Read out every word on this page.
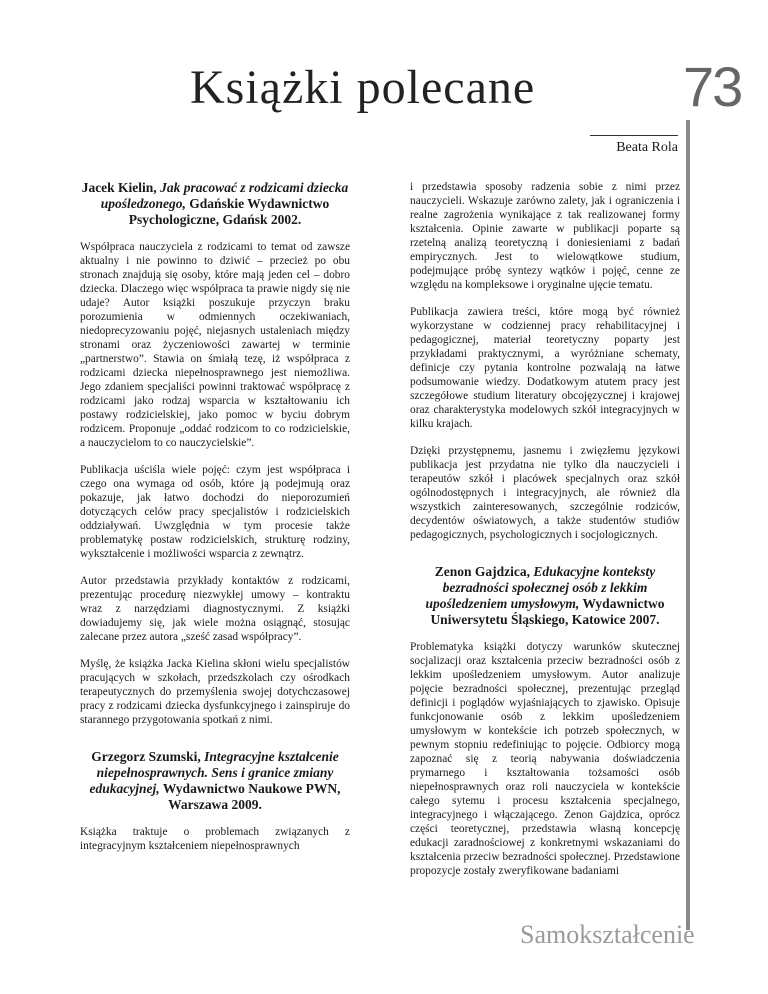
Książki polecane	73
Beata Rola

Jacek Kielin, Jak pracować z rodzicami dziecka upośledzonego, Gdańskie Wydawnictwo Psychologiczne, Gdańsk 2002.

Współpraca nauczyciela z rodzicami to temat od zawsze aktualny i nie powinno to dziwić – przecież po obu stronach znajdują się osoby, które mają jeden cel – dobro dziecka. Dlaczego więc współpraca ta prawie nigdy się nie udaje? Autor książki poszukuje przyczyn braku porozumienia w odmiennych oczekiwaniach, niedoprecyzowaniu pojęć, niejasnych ustaleniach między stronami oraz życzeniowości zawartej w terminie „partnerstwo”. Stawia on śmiałą tezę, iż współpraca z rodzicami dziecka niepełnosprawnego jest niemożliwa. Jego zdaniem specjaliści powinni traktować współpracę z rodzicami jako rodzaj wsparcia w kształtowaniu ich postawy rodzicielskiej, jako pomoc w byciu dobrym rodzicem. Proponuje „oddać rodzicom to co rodzicielskie, a nauczycielom to co nauczycielskie”.

Publikacja uściśla wiele pojęć: czym jest współpraca i czego ona wymaga od osób, które ją podejmują oraz pokazuje, jak łatwo dochodzi do nieporozumień dotyczących celów pracy specjalistów i rodzicielskich oddziaływań. Uwzględnia w tym procesie także problematykę postaw rodzicielskich, strukturę rodziny, wykształcenie i możliwości wsparcia z zewnątrz.

Autor przedstawia przykłady kontaktów z rodzicami, prezentując procedurę niezwykłej umowy – kontraktu wraz z narzędziami diagnostycznymi. Z książki dowiadujemy się, jak wiele można osiągnąć, stosując zalecane przez autora „sześć zasad współpracy”.

Myślę, że książka Jacka Kielina skłoni wielu specjalistów pracujących w szkołach, przedszkolach czy ośrodkach terapeutycznych do przemyślenia swojej dotychczasowej pracy z rodzicami dziecka dysfunkcyjnego i zainspiruje do starannego przygotowania spotkań z nimi.

Grzegorz Szumski, Integracyjne kształcenie niepełnosprawnych. Sens i granice zmiany edukacyjnej, Wydawnictwo Naukowe PWN, Warszawa 2009.

Książka traktuje o problemach związanych z integracyjnym kształceniem niepełnosprawnych

i przedstawia sposoby radzenia sobie z nimi przez nauczycieli. Wskazuje zarówno zalety, jak i ograniczenia i realne zagrożenia wynikające z tak realizowanej formy kształcenia. Opinie zawarte w publikacji poparte są rzetelną analizą teoretyczną i doniesieniami z badań empirycznych. Jest to wielowątkowe studium, podejmujące próbę syntezy wątków i pojęć, cenne ze względu na kompleksowe i oryginalne ujęcie tematu.

Publikacja zawiera treści, które mogą być również wykorzystane w codziennej pracy rehabilitacyjnej i pedagogicznej, materiał teoretyczny poparty jest przykładami praktycznymi, a wyróżniane schematy, definicje czy pytania kontrolne pozwalają na łatwe podsumowanie wiedzy. Dodatkowym atutem pracy jest szczegółowe studium literatury obcojęzycznej i krajowej oraz charakterystyka modelowych szkół integracyjnych w kilku krajach.

Dzięki przystępnemu, jasnemu i zwięzłemu językowi publikacja jest przydatna nie tylko dla nauczycieli i terapeutów szkół i placówek specjalnych oraz szkół ogólnodostępnych i integracyjnych, ale również dla wszystkich zainteresowanych, szczególnie rodziców, decydentów oświatowych, a także studentów studiów pedagogicznych, psychologicznych i socjologicznych.

Zenon Gajdzica, Edukacyjne konteksty bezradności społecznej osób z lekkim upośledzeniem umysłowym, Wydawnictwo Uniwersytetu Śląskiego, Katowice 2007.

Problematyka książki dotyczy warunków skutecznej socjalizacji oraz kształcenia przeciw bezradności osób z lekkim upośledzeniem umysłowym. Autor analizuje pojęcie bezradności społecznej, prezentując przegląd definicji i poglądów wyjaśniających to zjawisko. Opisuje funkcjonowanie osób z lekkim upośledzeniem umysłowym w kontekście ich potrzeb społecznych, w pewnym stopniu redefiniując to pojęcie. Odbiorcy mogą zapoznać się z teorią nabywania doświadczenia prymarnego i kształtowania tożsamości osób niepełnosprawnych oraz roli nauczyciela w kontekście całego sytemu i procesu kształcenia specjalnego, integracyjnego i włączającego. Zenon Gajdzica, oprócz części teoretycznej, przedstawia własną koncepcję edukacji zaradnościowej z konkretnymi wskazaniami do kształcenia przeciw bezradności społecznej. Przedstawione propozycje zostały zweryfikowane badaniami

Samokształcenie
